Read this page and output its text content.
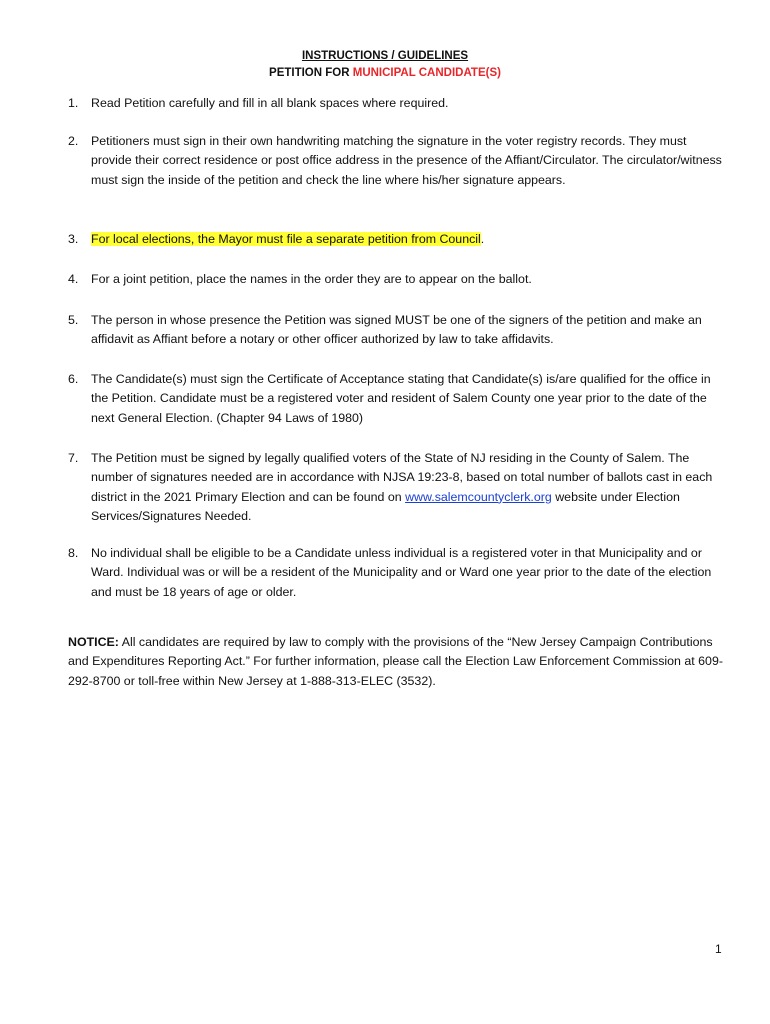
INSTRUCTIONS / GUIDELINES
PETITION FOR MUNICIPAL CANDIDATE(S)
1. Read Petition carefully and fill in all blank spaces where required.
2. Petitioners must sign in their own handwriting matching the signature in the voter registry records. They must provide their correct residence or post office address in the presence of the Affiant/Circulator. The circulator/witness must sign the inside of the petition and check the line where his/her signature appears.
3. For local elections, the Mayor must file a separate petition from Council.
4. For a joint petition, place the names in the order they are to appear on the ballot.
5. The person in whose presence the Petition was signed MUST be one of the signers of the petition and make an affidavit as Affiant before a notary or other officer authorized by law to take affidavits.
6. The Candidate(s) must sign the Certificate of Acceptance stating that Candidate(s) is/are qualified for the office in the Petition. Candidate must be a registered voter and resident of Salem County one year prior to the date of the next General Election. (Chapter 94 Laws of 1980)
7. The Petition must be signed by legally qualified voters of the State of NJ residing in the County of Salem. The number of signatures needed are in accordance with NJSA 19:23-8, based on total number of ballots cast in each district in the 2021 Primary Election and can be found on www.salemcountyclerk.org website under Election Services/Signatures Needed.
8. No individual shall be eligible to be a Candidate unless individual is a registered voter in that Municipality and or Ward. Individual was or will be a resident of the Municipality and or Ward one year prior to the date of the election and must be 18 years of age or older.
NOTICE: All candidates are required by law to comply with the provisions of the “New Jersey Campaign Contributions and Expenditures Reporting Act.” For further information, please call the Election Law Enforcement Commission at 609-292-8700 or toll-free within New Jersey at 1-888-313-ELEC (3532).
1
